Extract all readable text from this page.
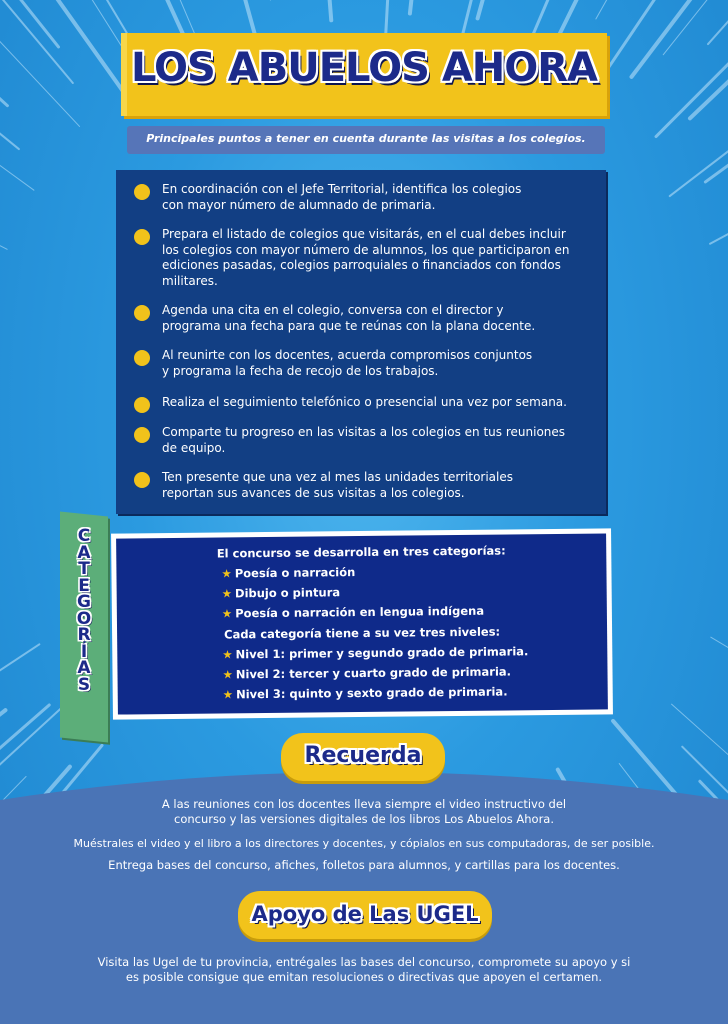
LOS ABUELOS AHORA
Principales puntos a tener en cuenta durante las visitas a los colegios.
En coordinación con el Jefe Territorial, identifica los colegios
con mayor número de alumnado de primaria.
Prepara el listado de colegios que visitarás, en el cual debes incluir
los colegios con mayor número de alumnos, los que participaron en
ediciones pasadas, colegios parroquiales o financiados con fondos
militares.
Agenda una cita en el colegio, conversa con el director y
programa una fecha para que te reúnas con la plana docente.
Al reunirte con los docentes, acuerda compromisos conjuntos
y programa la fecha de recojo de los trabajos.
Realiza el seguimiento telefónico o presencial una vez por semana.
Comparte tu progreso en las visitas a los colegios en tus reuniones
de equipo.
Ten presente que una vez al mes las unidades territoriales
reportan sus avances de sus visitas a los colegios.
C
A
T
E
G
O
R
Í
A
S
El concurso se desarrolla en tres categorías:
★ Poesía o narración
★ Dibujo o pintura
★ Poesía o narración en lengua indígena
Cada categoría tiene a su vez tres niveles:
★ Nivel 1: primer y segundo grado de primaria.
★ Nivel 2: tercer y cuarto grado de primaria.
★ Nivel 3: quinto y sexto grado de primaria.
Recuerda
A las reuniones con los docentes lleva siempre el video instructivo del
concurso y las versiones digitales de los libros Los Abuelos Ahora.
Muéstrales el video y el libro a los directores y docentes, y cópialos en sus computadoras, de ser posible.
Entrega bases del concurso, afiches, folletos para alumnos, y cartillas para los docentes.
Apoyo de Las UGEL
Visita las Ugel de tu provincia, entrégales las bases del concurso, compromete su apoyo y si
es posible consigue que emitan resoluciones o directivas que apoyen el certamen.
